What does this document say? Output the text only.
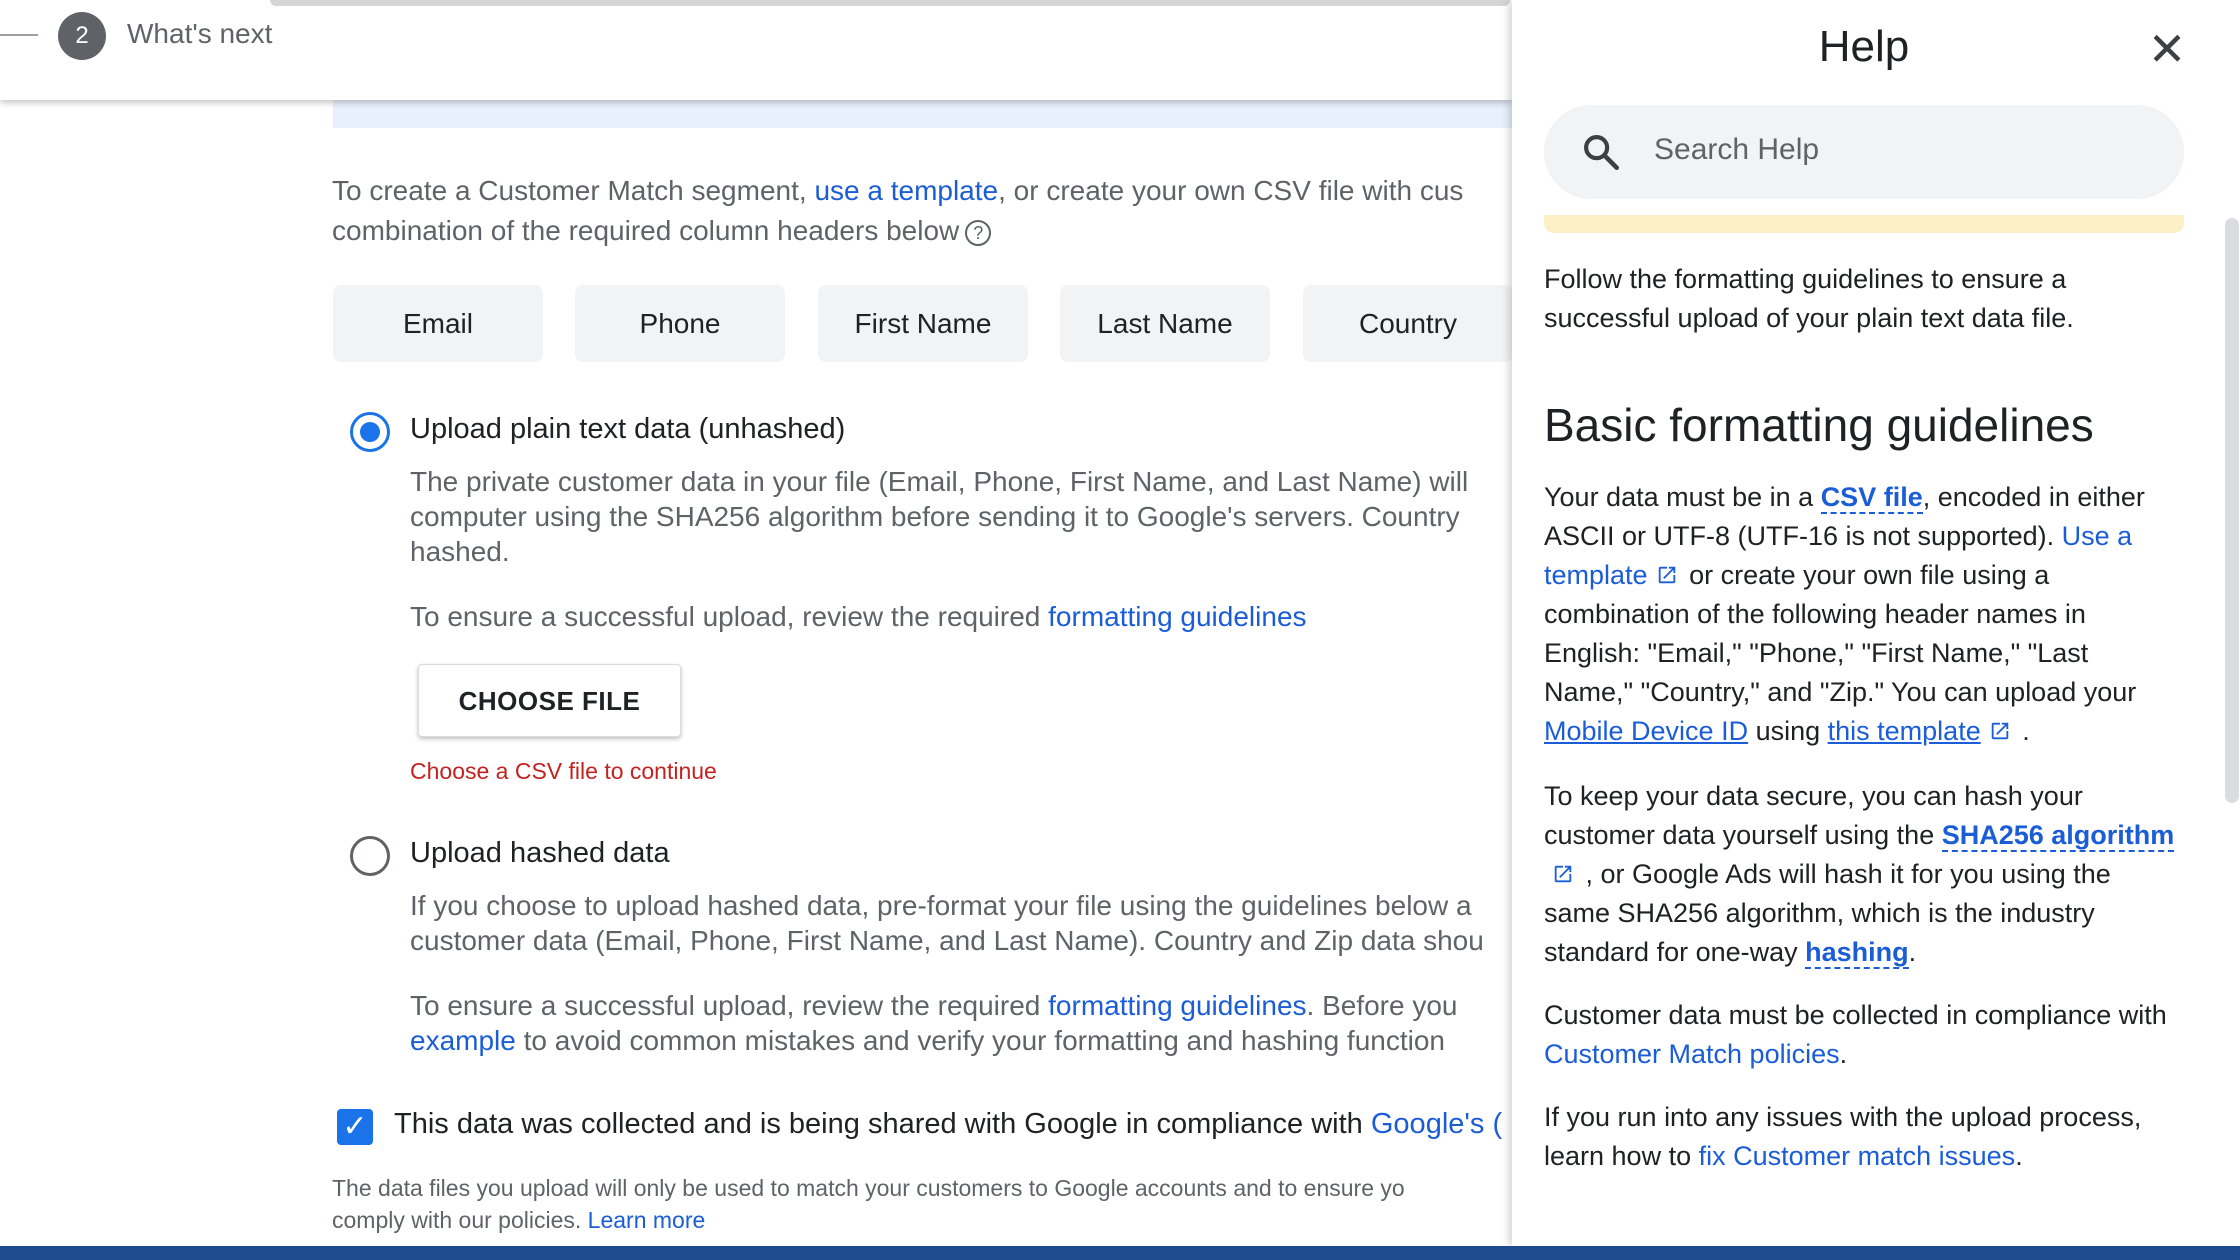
2	What's next
To create a Customer Match segment, use a template, or create your own CSV file with cus
combination of the required column headers below ?
Email	Phone	First Name	Last Name	Country
Upload plain text data (unhashed)
The private customer data in your file (Email, Phone, First Name, and Last Name) will
computer using the SHA256 algorithm before sending it to Google's servers. Country
hashed.
To ensure a successful upload, review the required formatting guidelines
CHOOSE FILE
Choose a CSV file to continue
Upload hashed data
If you choose to upload hashed data, pre-format your file using the guidelines below a
customer data (Email, Phone, First Name, and Last Name). Country and Zip data shou
To ensure a successful upload, review the required formatting guidelines. Before you
example to avoid common mistakes and verify your formatting and hashing function
✓ This data was collected and is being shared with Google in compliance with Google's (
The data files you upload will only be used to match your customers to Google accounts and to ensure yo
comply with our policies. Learn more
Help	✕
Search Help
Follow the formatting guidelines to ensure a successful upload of your plain text data file.
Basic formatting guidelines
Your data must be in a CSV file, encoded in either ASCII or UTF-8 (UTF-16 is not supported). Use a template or create your own file using a combination of the following header names in English: "Email," "Phone," "First Name," "Last Name," "Country," and "Zip." You can upload your Mobile Device ID using this template .
To keep your data secure, you can hash your customer data yourself using the SHA256 algorithm , or Google Ads will hash it for you using the same SHA256 algorithm, which is the industry standard for one-way hashing.
Customer data must be collected in compliance with Customer Match policies.
If you run into any issues with the upload process, learn how to fix Customer match issues.
